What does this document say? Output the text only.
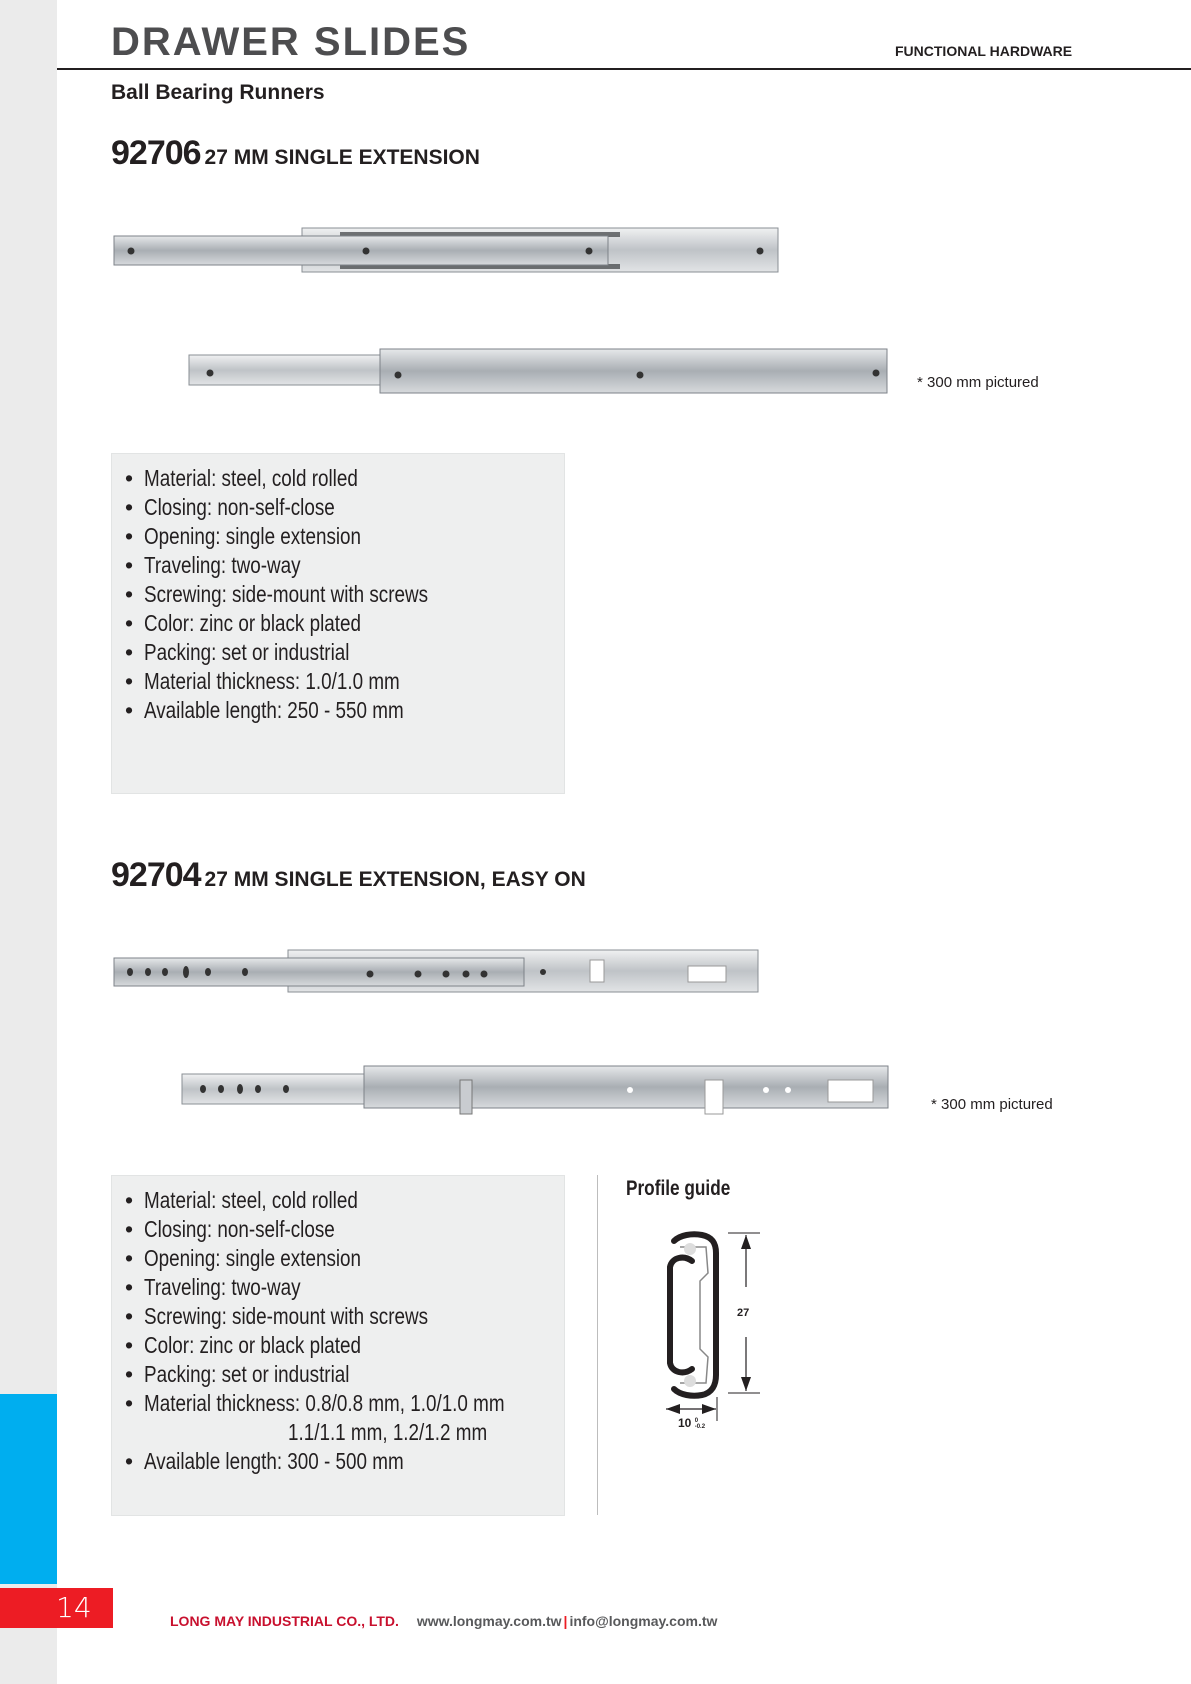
14
DRAWER SLIDES	FUNCTIONAL HARDWARE
Ball Bearing Runners
92706 27 MM SINGLE EXTENSION
* 300 mm pictured
• Material: steel, cold rolled
• Closing: non-self-close
• Opening: single extension
• Traveling: two-way
• Screwing: side-mount with screws
• Color: zinc or black plated
• Packing: set or industrial
• Material thickness: 1.0/1.0 mm
• Available length: 250 - 550 mm
92704 27 MM SINGLE EXTENSION, EASY ON
* 300 mm pictured
• Material: steel, cold rolled
• Closing: non-self-close
• Opening: single extension
• Traveling: two-way
• Screwing: side-mount with screws
• Color: zinc or black plated
• Packing: set or industrial
• Material thickness: 0.8/0.8 mm, 1.0/1.0 mm
1.1/1.1 mm, 1.2/1.2 mm
• Available length: 300 - 500 mm
Profile guide
27
10 0
-0.2
LONG MAY INDUSTRIAL CO., LTD. www.longmay.com.tw | info@longmay.com.tw
